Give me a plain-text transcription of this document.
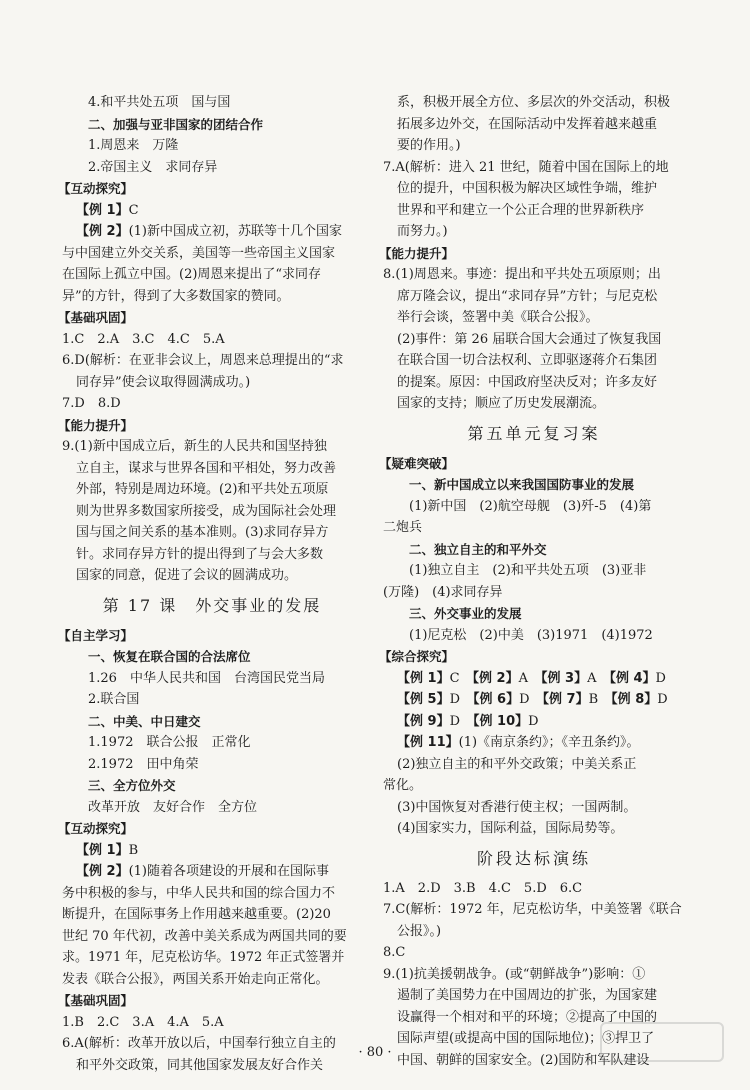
4.和平共处五项　国与国
二、加强与亚非国家的团结合作
1.周恩来　万隆
2.帝国主义　求同存异
【互动探究】
【例 1】C
【例 2】(1)新中国成立初，苏联等十几个国家
与中国建立外交关系，美国等一些帝国主义国家
在国际上孤立中国。(2)周恩来提出了“求同存
异”的方针，得到了大多数国家的赞同。
【基础巩固】
1.C　2.A　3.C　4.C　5.A
6.D(解析：在亚非会议上，周恩来总理提出的“求
同存异”使会议取得圆满成功。)
7.D　8.D
【能力提升】
9.(1)新中国成立后，新生的人民共和国坚持独
立自主，谋求与世界各国和平相处，努力改善
外部，特别是周边环境。(2)和平共处五项原
则为世界多数国家所接受，成为国际社会处理
国与国之间关系的基本准则。(3)求同存异方
针。求同存异方针的提出得到了与会大多数
国家的同意，促进了会议的圆满成功。
第 17 课　外交事业的发展
【自主学习】
一、恢复在联合国的合法席位
1.26　中华人民共和国　台湾国民党当局
2.联合国
二、中美、中日建交
1.1972　联合公报　正常化
2.1972　田中角荣
三、全方位外交
改革开放　友好合作　全方位
【互动探究】
【例 1】B
【例 2】(1)随着各项建设的开展和在国际事
务中积极的参与，中华人民共和国的综合国力不
断提升，在国际事务上作用越来越重要。(2)20
世纪 70 年代初，改善中美关系成为两国共同的要
求。1971 年，尼克松访华。1972 年正式签署并
发表《联合公报》，两国关系开始走向正常化。
【基础巩固】
1.B　2.C　3.A　4.A　5.A
6.A(解析：改革开放以后，中国奉行独立自主的
和平外交政策，同其他国家发展友好合作关
系，积极开展全方位、多层次的外交活动，积极
拓展多边外交，在国际活动中发挥着越来越重
要的作用。)
7.A(解析：进入 21 世纪，随着中国在国际上的地
位的提升，中国积极为解决区域性争端，维护
世界和平和建立一个公正合理的世界新秩序
而努力。)
【能力提升】
8.(1)周恩来。事迹：提出和平共处五项原则；出
席万隆会议，提出“求同存异”方针；与尼克松
举行会谈，签署中美《联合公报》。
(2)事件：第 26 届联合国大会通过了恢复我国
在联合国一切合法权利、立即驱逐蒋介石集团
的提案。原因：中国政府坚决反对；许多友好
国家的支持；顺应了历史发展潮流。
第五单元复习案
【疑难突破】
一、新中国成立以来我国国防事业的发展
(1)新中国　(2)航空母舰　(3)歼-5　(4)第
二炮兵
二、独立自主的和平外交
(1)独立自主　(2)和平共处五项　(3)亚非
(万隆)　(4)求同存异
三、外交事业的发展
(1)尼克松　(2)中美　(3)1971　(4)1972
【综合探究】
【例 1】C　【例 2】A　【例 3】A　【例 4】D
【例 5】D　【例 6】D　【例 7】B　【例 8】D
【例 9】D　【例 10】D
【例 11】(1)《南京条约》；《辛丑条约》。
(2)独立自主的和平外交政策；中美关系正
常化。
(3)中国恢复对香港行使主权；一国两制。
(4)国家实力，国际利益，国际局势等。
阶段达标演练
1.A　2.D　3.B　4.C　5.D　6.C
7.C(解析：1972 年，尼克松访华，中美签署《联合
公报》。)
8.C
9.(1)抗美援朝战争。(或“朝鲜战争”)影响：①
遏制了美国势力在中国周边的扩张，为国家建
设赢得一个相对和平的环境；②提高了中国的
国际声望(或提高中国的国际地位)；③捍卫了
中国、朝鲜的国家安全。(2)国防和军队建设
· 80 ·
